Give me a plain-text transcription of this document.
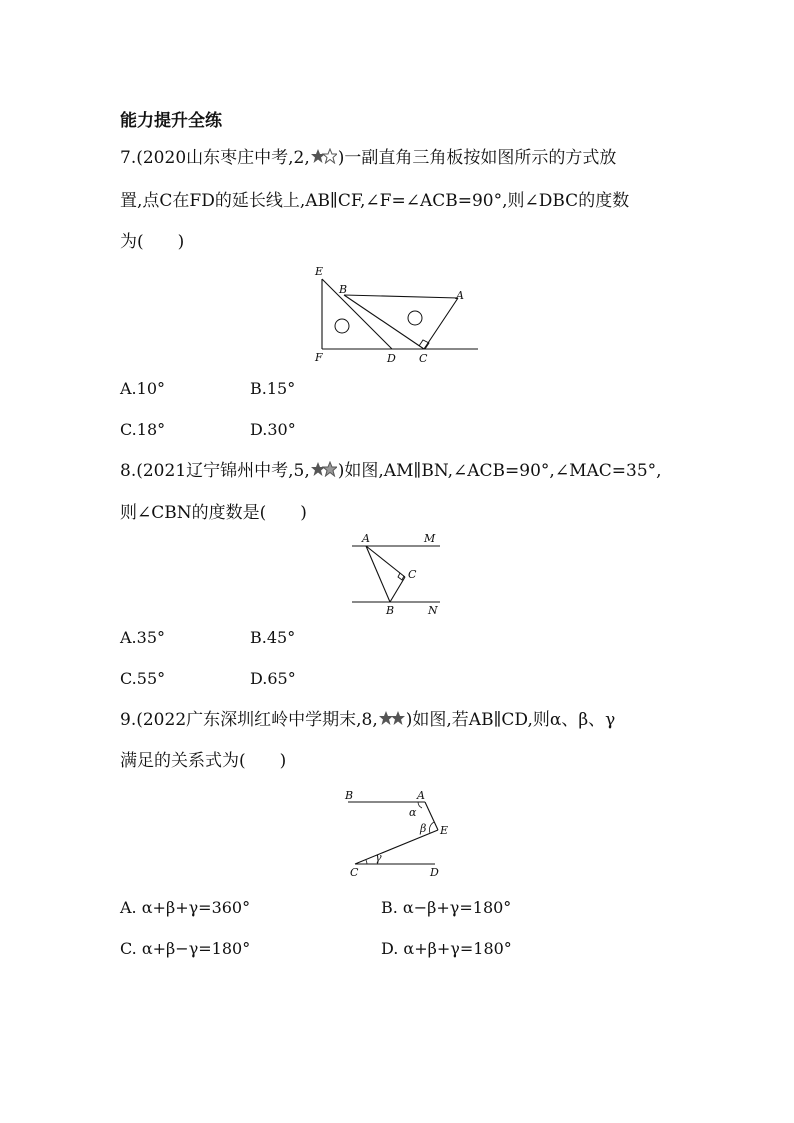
能力提升全练
7.(2020山东枣庄中考,2, )一副直角三角板按如图所示的方式放
置,点C在FD的延长线上,AB∥CF,∠F=∠ACB=90°,则∠DBC的度数
为( )
E
B	A
F	D C
A.10°	B.15°
C.18°	D.30°
8.(2021辽宁锦州中考,5, )如图,AM∥BN,∠ACB=90°,∠MAC=35°,
则∠CBN的度数是( )
A	M
C
B	N
A.35°	B.45°
C.55°	D.65°
9.(2022广东深圳红岭中学期末,8, )如图,若AB∥CD,则α、β、γ
满足的关系式为( )
B	A
α
β E
γ
C	D
A. α+β+γ=360°	B. α−β+γ=180°
C. α+β−γ=180°	D. α+β+γ=180°
